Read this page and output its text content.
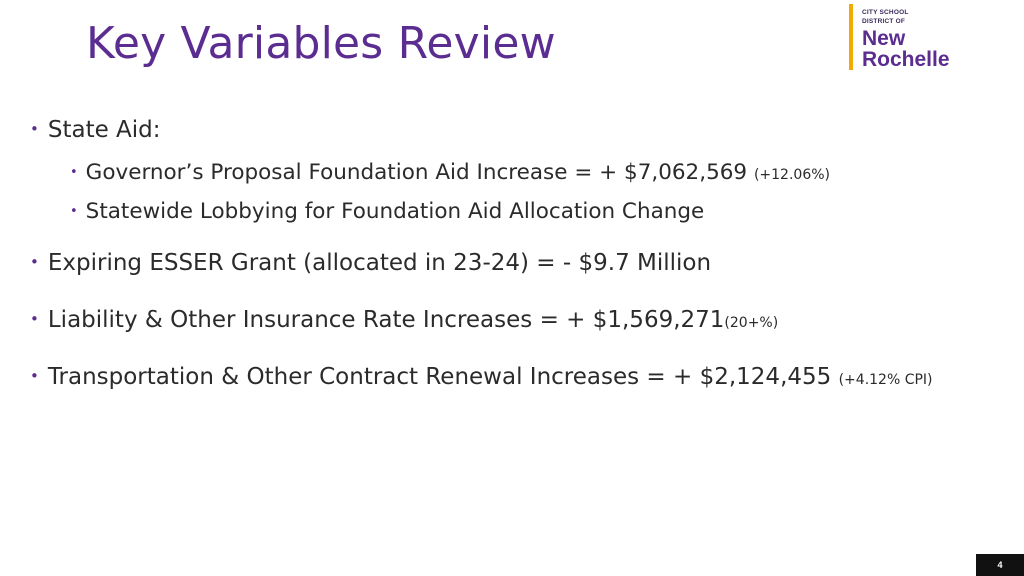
Key Variables Review
CITY SCHOOL
DISTRICT OF
New
Rochelle
• State Aid:
• Governor’s Proposal Foundation Aid Increase = + $7,062,569 (+12.06%)
• Statewide Lobbying for Foundation Aid Allocation Change
• Expiring ESSER Grant (allocated in 23-24) = - $9.7 Million
• Liability & Other Insurance Rate Increases = + $1,569,271(20+%)
• Transportation & Other Contract Renewal Increases = + $2,124,455 (+4.12% CPI)
4
